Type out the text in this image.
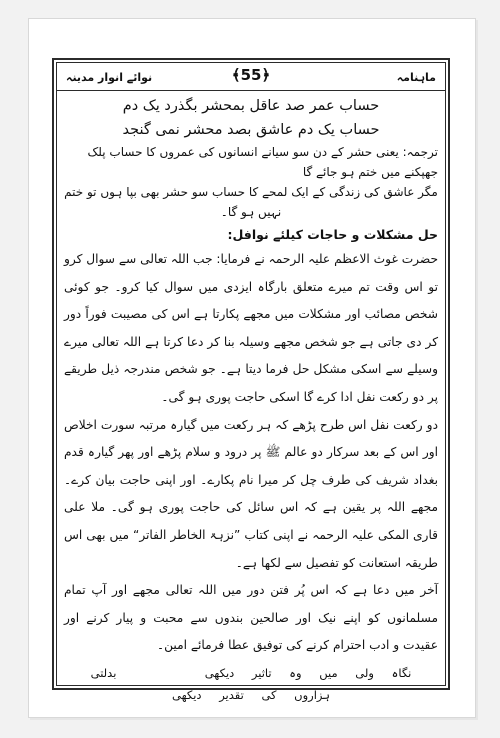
ماہنامہ
﴾55﴿
نوائے انوار مدینہ
حساب عمر صد عاقل بمحشر بگذرد یک دم
حساب یک دم عاشق بصد محشر نمی گنجد
ترجمہ: یعنی حشر کے دن سو سیانے انسانوں کی عمروں کا حساب پلک جھپکنے میں ختم ہو جائے گا
مگر عاشق کی زندگی کے ایک لمحے کا حساب سو حشر بھی بپا ہوں تو ختم نہیں ہو گا۔
حل مشکلات و حاجات کیلئے نوافل:

حضرت غوث الاعظم علیہ الرحمہ نے فرمایا: جب اللہ تعالی سے سوال کرو تو اس وقت تم میرے متعلق بارگاہ ایزدی میں سوال کیا کرو۔ جو کوئی شخص مصائب اور مشکلات میں مجھے پکارتا ہے اس کی مصیبت فوراً دور کر دی جاتی ہے جو شخص مجھے وسیلہ بنا کر دعا کرتا ہے اللہ تعالی میرے وسیلے سے اسکی مشکل حل فرما دیتا ہے۔ جو شخص مندرجہ ذیل طریقے پر دو رکعت نفل ادا کرے گا اسکی حاجت پوری ہو گی۔

دو رکعت نفل اس طرح پڑھے کہ ہر رکعت میں گیارہ مرتبہ سورت اخلاص اور اس کے بعد سرکار دو عالم ﷺ پر درود و سلام پڑھے اور پھر گیارہ قدم بغداد شریف کی طرف چل کر میرا نام پکارے۔ اور اپنی حاجت بیان کرے۔ مجھے اللہ پر یقین ہے کہ اس سائل کی حاجت پوری ہو گی۔ ملا علی قاری المکی علیہ الرحمہ نے اپنی کتاب ”نزہۃ الخاطر الفاتر“ میں بھی اس طریقہ استعانت کو تفصیل سے لکھا ہے۔

آخر میں دعا ہے کہ اس پُر فتن دور میں اللہ تعالی مجھے اور آپ تمام مسلمانوں کو اپنے نیک اور صالحین بندوں سے محبت و پیار کرنے اور عقیدت و ادب احترام کرنے کی توفیق عطا فرمائے امین۔

نگاہ ولی میں وہ تاثیر دیکھی     بدلتی ہزاروں کی تقدیر دیکھی
